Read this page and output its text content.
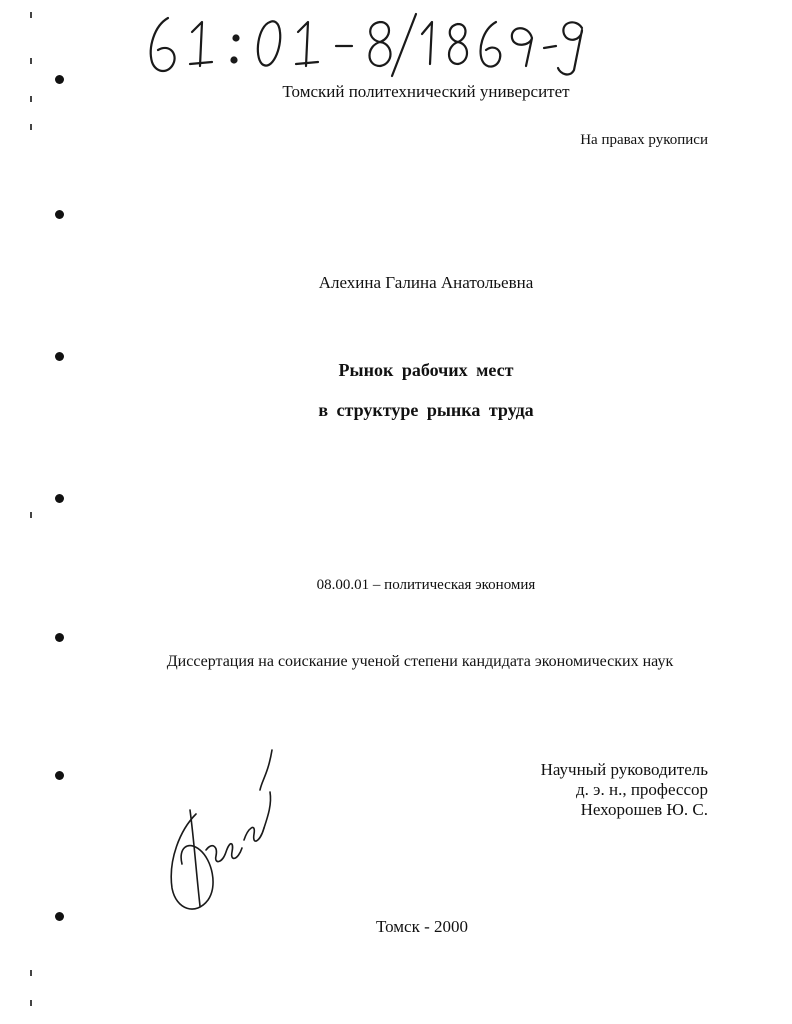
Томский политехнический университет
На правах рукописи
Алехина Галина Анатольевна
Рынок рабочих мест
в структуре рынка труда
08.00.01 – политическая экономия
Диссертация на соискание ученой степени кандидата экономических наук
Научный руководитель
д. э. н., профессор
Нехорошев Ю. С.
Томск - 2000
